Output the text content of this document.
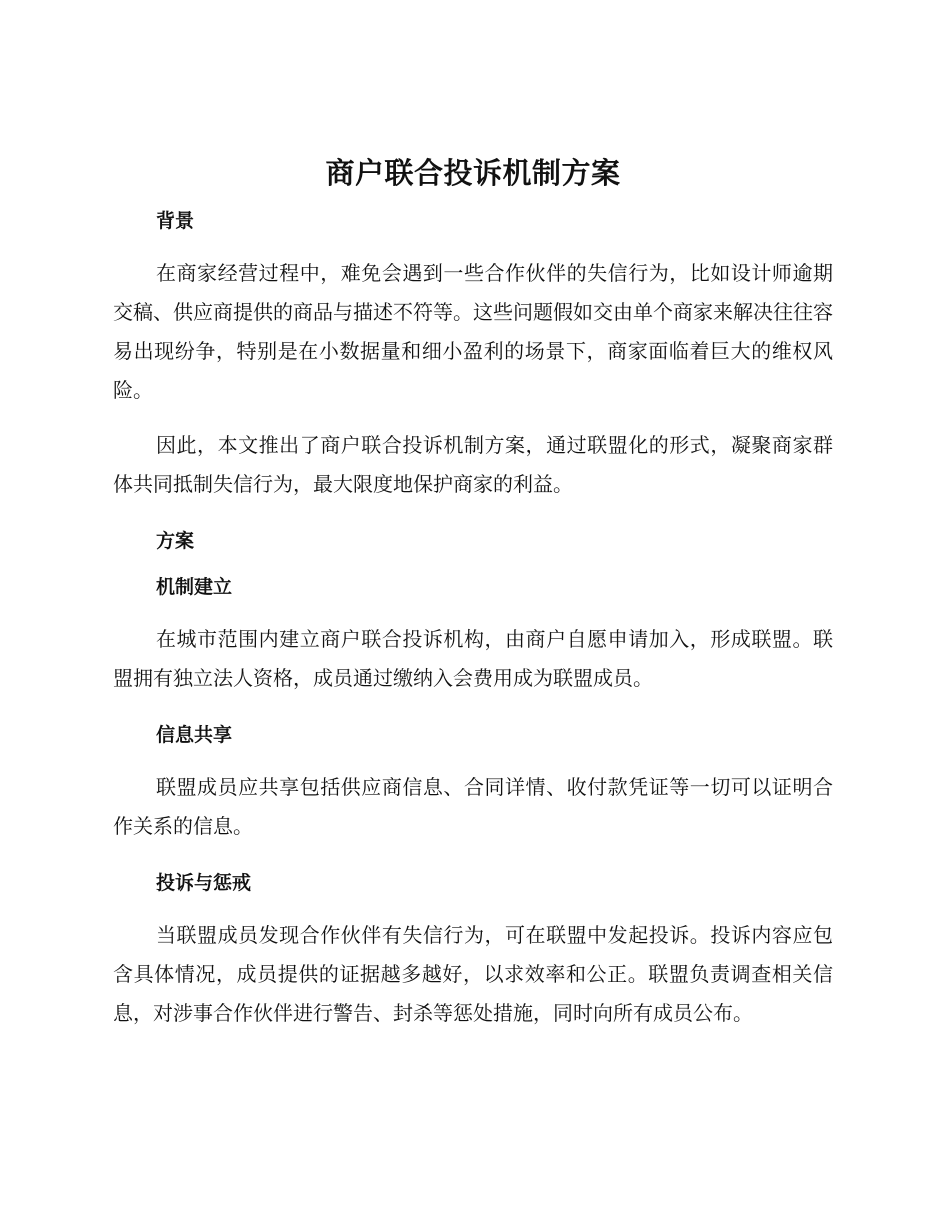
商户联合投诉机制方案
背景

在商家经营过程中，难免会遇到一些合作伙伴的失信行为，比如设计师逾期交稿、供应商提供的商品与描述不符等。这些问题假如交由单个商家来解决往往容易出现纷争，特别是在小数据量和细小盈利的场景下，商家面临着巨大的维权风险。

因此，本文推出了商户联合投诉机制方案，通过联盟化的形式，凝聚商家群体共同抵制失信行为，最大限度地保护商家的利益。

方案
机制建立

在城市范围内建立商户联合投诉机构，由商户自愿申请加入，形成联盟。联盟拥有独立法人资格，成员通过缴纳入会费用成为联盟成员。

信息共享

联盟成员应共享包括供应商信息、合同详情、收付款凭证等一切可以证明合作关系的信息。

投诉与惩戒

当联盟成员发现合作伙伴有失信行为，可在联盟中发起投诉。投诉内容应包含具体情况，成员提供的证据越多越好，以求效率和公正。联盟负责调查相关信息，对涉事合作伙伴进行警告、封杀等惩处措施，同时向所有成员公布。
